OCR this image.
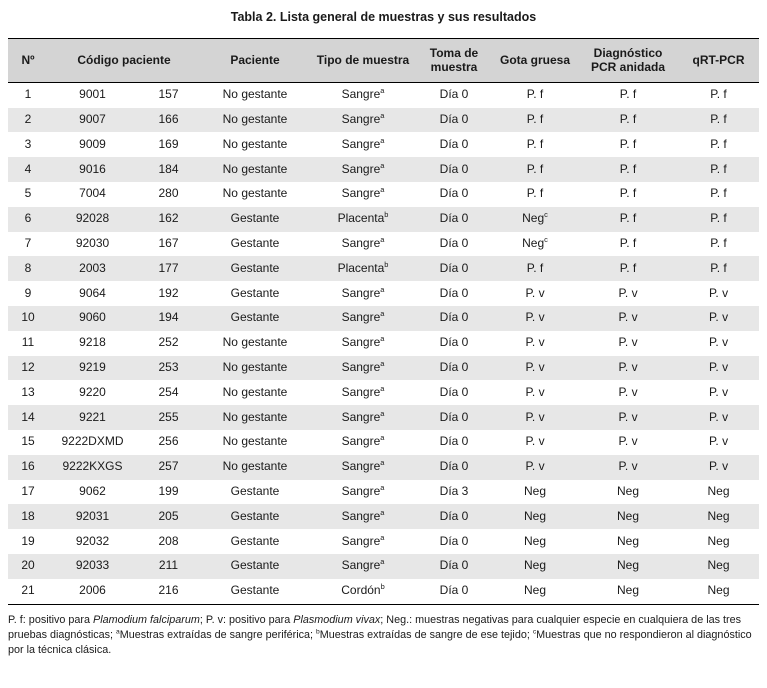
Tabla 2. Lista general de muestras y sus resultados
Nº	Código paciente		Paciente	Tipo de muestra	Toma de muestra	Gota gruesa	Diagnóstico PCR anidada	qRT-PCR
1	9001	157	No gestante	Sangre$^a$	Día 0	P. f	P. f	P. f
2	9007	166	No gestante	Sangre$^a$	Día 0	P. f	P. f	P. f
3	9009	169	No gestante	Sangre$^a$	Día 0	P. f	P. f	P. f
4	9016	184	No gestante	Sangre$^a$	Día 0	P. f	P. f	P. f
5	7004	280	No gestante	Sangre$^a$	Día 0	P. f	P. f	P. f
6	92028	162	Gestante	Placenta$^b$	Día 0	Neg$^c$	P. f	P. f
7	92030	167	Gestante	Sangre$^a$	Día 0	Neg$^c$	P. f	P. f
8	2003	177	Gestante	Placenta$^b$	Día 0	P. f	P. f	P. f
9	9064	192	Gestante	Sangre$^a$	Día 0	P. v	P. v	P. v
10	9060	194	Gestante	Sangre$^a$	Día 0	P. v	P. v	P. v
11	9218	252	No gestante	Sangre$^a$	Día 0	P. v	P. v	P. v
12	9219	253	No gestante	Sangre$^a$	Día 0	P. v	P. v	P. v
13	9220	254	No gestante	Sangre$^a$	Día 0	P. v	P. v	P. v
14	9221	255	No gestante	Sangre$^a$	Día 0	P. v	P. v	P. v
15	9222DXMD	256	No gestante	Sangre$^a$	Día 0	P. v	P. v	P. v
16	9222KXGS	257	No gestante	Sangre$^a$	Día 0	P. v	P. v	P. v
17	9062	199	Gestante	Sangre$^a$	Día 3	Neg	Neg	Neg
18	92031	205	Gestante	Sangre$^a$	Día 0	Neg	Neg	Neg
19	92032	208	Gestante	Sangre$^a$	Día 0	Neg	Neg	Neg
20	92033	211	Gestante	Sangre$^a$	Día 0	Neg	Neg	Neg
21	2006	216	Gestante	Cordón$^b$	Día 0	Neg	Neg	Neg

P. f: positivo para Plamodium falciparum; P. v: positivo para Plasmodium vivax; Neg.: muestras negativas para cualquier especie en cualquiera de las tres pruebas diagnósticas; $^a$Muestras extraídas de sangre periférica; $^b$Muestras extraídas de sangre de ese tejido; $^c$Muestras que no respondieron al diagnóstico por la técnica clásica.
